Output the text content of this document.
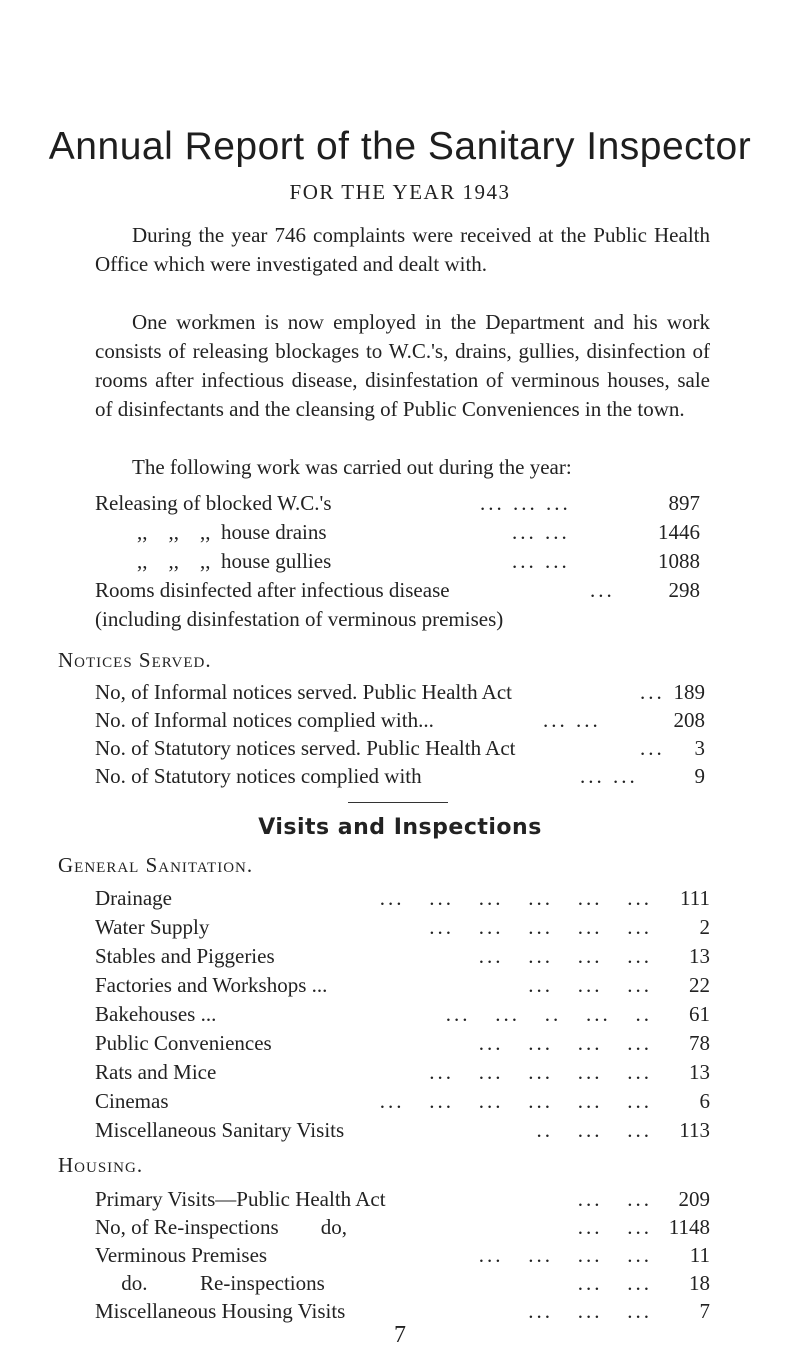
Annual Report of the Sanitary Inspector
FOR THE YEAR 1943
During the year 746 complaints were received at the Public Health Office which were investigated and dealt with.
One workmen is now employed in the Department and his work consists of releasing blockages to W.C.'s, drains, gullies, disinfection of rooms after infectious disease, disinfestation of verminous houses, sale of disinfectants and the cleansing of Public Conveniences in the town.
The following work was carried out during the year:
Releasing of blocked W.C.'s	... ... ...	897
,,    ,,    ,,  house drains	... ...	1446
,,    ,,    ,,  house gullies	... ...	1088
Rooms disinfected after infectious disease	...	298
(including disinfestation of verminous premises)
Notices Served.
No, of Informal notices served. Public Health Act	... 189
No. of Informal notices complied with...	... ...	208
No. of Statutory notices served. Public Health Act	...	3
No. of Statutory notices complied with	... ...	9
Visits and Inspections
General Sanitation.
Drainage	...   ...   ...   ...   ...   ...	111
Water Supply	...   ...   ...   ...   ...	2
Stables and Piggeries	...   ...   ...   ...	13
Factories and Workshops ...	...   ...   ...	22
Bakehouses ...	...   ...   ..   ...   ..	61
Public Conveniences	...   ...   ...   ...	78
Rats and Mice	...   ...   ...   ...   ...	13
Cinemas	...   ...   ...   ...   ...   ...	6
Miscellaneous Sanitary Visits	..   ...   ...	113
Housing.
Primary Visits—Public Health Act	...   ...	209
No, of Re-inspections        do,	...   ... 1148
Verminous Premises	...   ...   ...   ...	11
do.          Re-inspections	...   ...	18
Miscellaneous Housing Visits	...   ...   ...	7
7
